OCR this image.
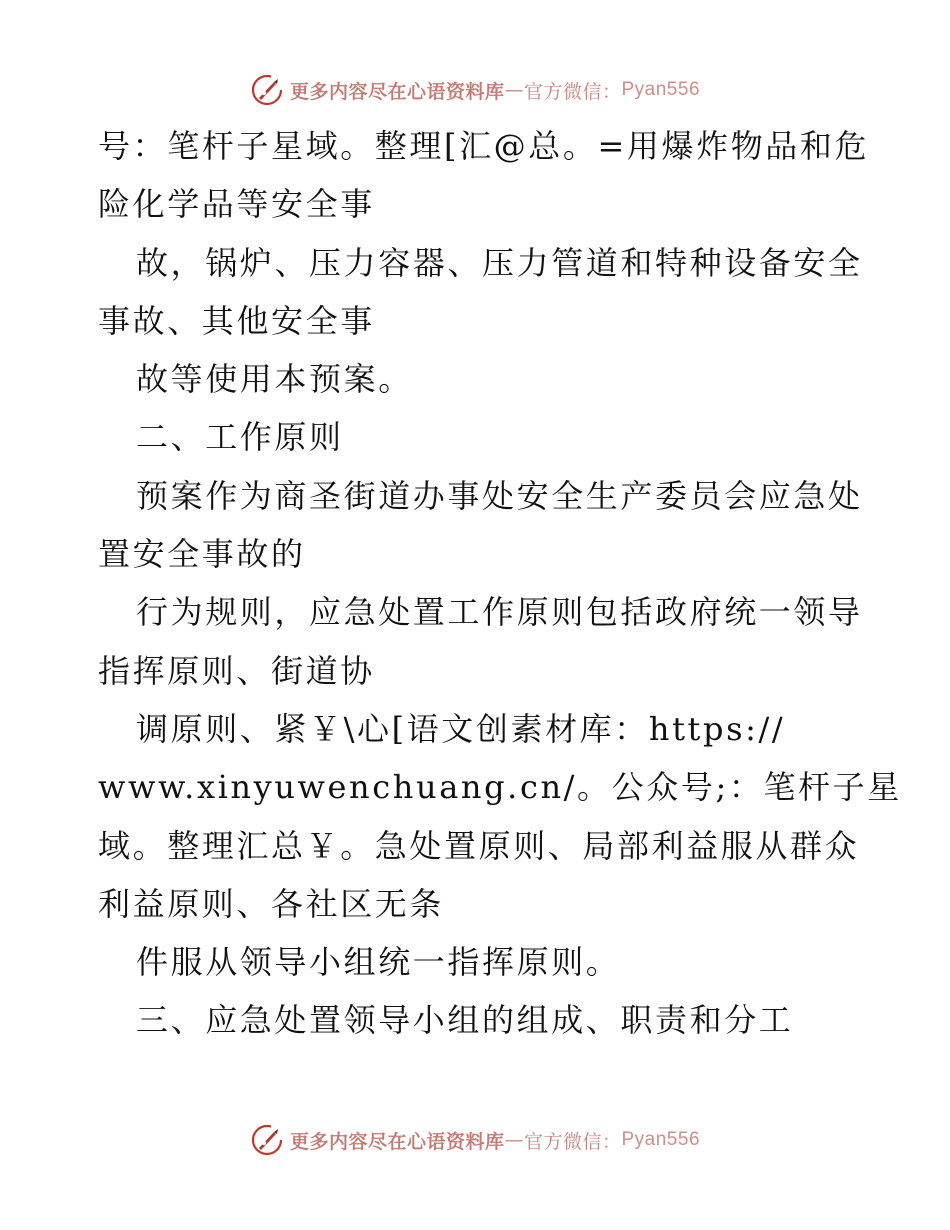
更多内容尽在心语资料库 — 官方微信： Pyan556
号：笔杆子星域。整理[汇@总。=用爆炸物品和危
险化学品等安全事
故，锅炉、压力容器、压力管道和特种设备安全
事故、其他安全事
故等使用本预案。
二、工作原则
预案作为商圣街道办事处安全生产委员会应急处
置安全事故的
行为规则，应急处置工作原则包括政府统一领导
指挥原则、街道协
调原则、紧￥\心[语文创素材库：https://
www.xinyuwenchuang.cn/。公众号;：笔杆子星
域。整理汇总￥。急处置原则、局部利益服从群众
利益原则、各社区无条
件服从领导小组统一指挥原则。
三、应急处置领导小组的组成、职责和分工
更多内容尽在心语资料库 — 官方微信： Pyan556
